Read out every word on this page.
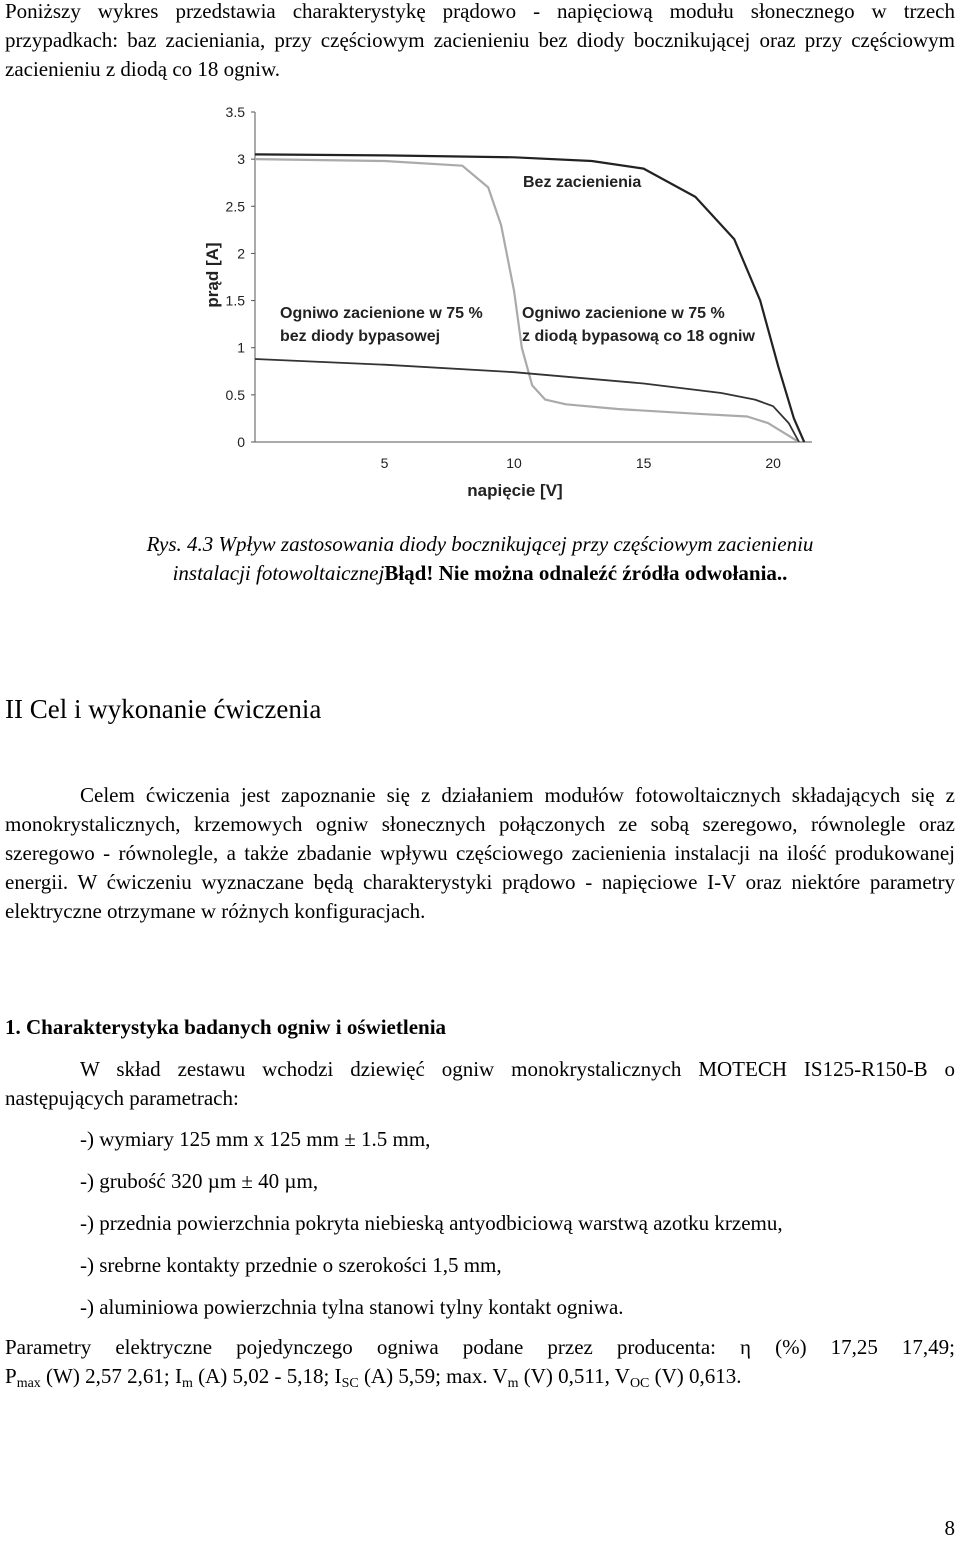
Poniższy wykres przedstawia charakterystykę prądowo - napięciową modułu słonecznego w trzech przypadkach: baz zacieniania, przy częściowym zacienieniu bez diody bocznikującej oraz przy częściowym zacienieniu z diodą co 18 ogniw.
0
0.5
1
1.5
2
2.5
3
3.5
5	10	15	20
prąd [A]
napięcie [V]
Bez zacienienia
Ogniwo zacienione w 75 %
bez diody bypasowej
Ogniwo zacienione w 75 %
z diodą bypasową co 18 ogniw
Rys. 4.3 Wpływ zastosowania diody bocznikującej przy częściowym zacienieniu
instalacji fotowoltaicznejBłąd! Nie można odnaleźć źródła odwołania..
II Cel i wykonanie ćwiczenia
Celem ćwiczenia jest zapoznanie się z działaniem modułów fotowoltaicznych składających się z monokrystalicznych, krzemowych ogniw słonecznych połączonych ze sobą szeregowo, równolegle oraz szeregowo - równolegle, a także zbadanie wpływu częściowego zacienienia instalacji na ilość produkowanej energii. W ćwiczeniu wyznaczane będą charakterystyki prądowo - napięciowe I-V oraz niektóre parametry elektryczne otrzymane w różnych konfiguracjach.
1. Charakterystyka badanych ogniw i oświetlenia
W skład zestawu wchodzi dziewięć ogniw monokrystalicznych MOTECH IS125-R150-B o następujących parametrach:
-) wymiary 125 mm x 125 mm ± 1.5 mm,
-) grubość 320 µm ± 40 µm,
-) przednia powierzchnia pokryta niebieską antyodbiciową warstwą azotku krzemu,
-) srebrne kontakty przednie o szerokości 1,5 mm,
-) aluminiowa powierzchnia tylna stanowi tylny kontakt ogniwa.
Parametry elektryczne pojedynczego ogniwa podane przez producenta: η (%) 17,25 17,49;
$P_{max}$ (W) 2,57 2,61; $I_m$ (A) 5,02 - 5,18; $I_{SC}$ (A) 5,59; max. $V_m$ (V) 0,511, $V_{OC}$ (V) 0,613.
8
